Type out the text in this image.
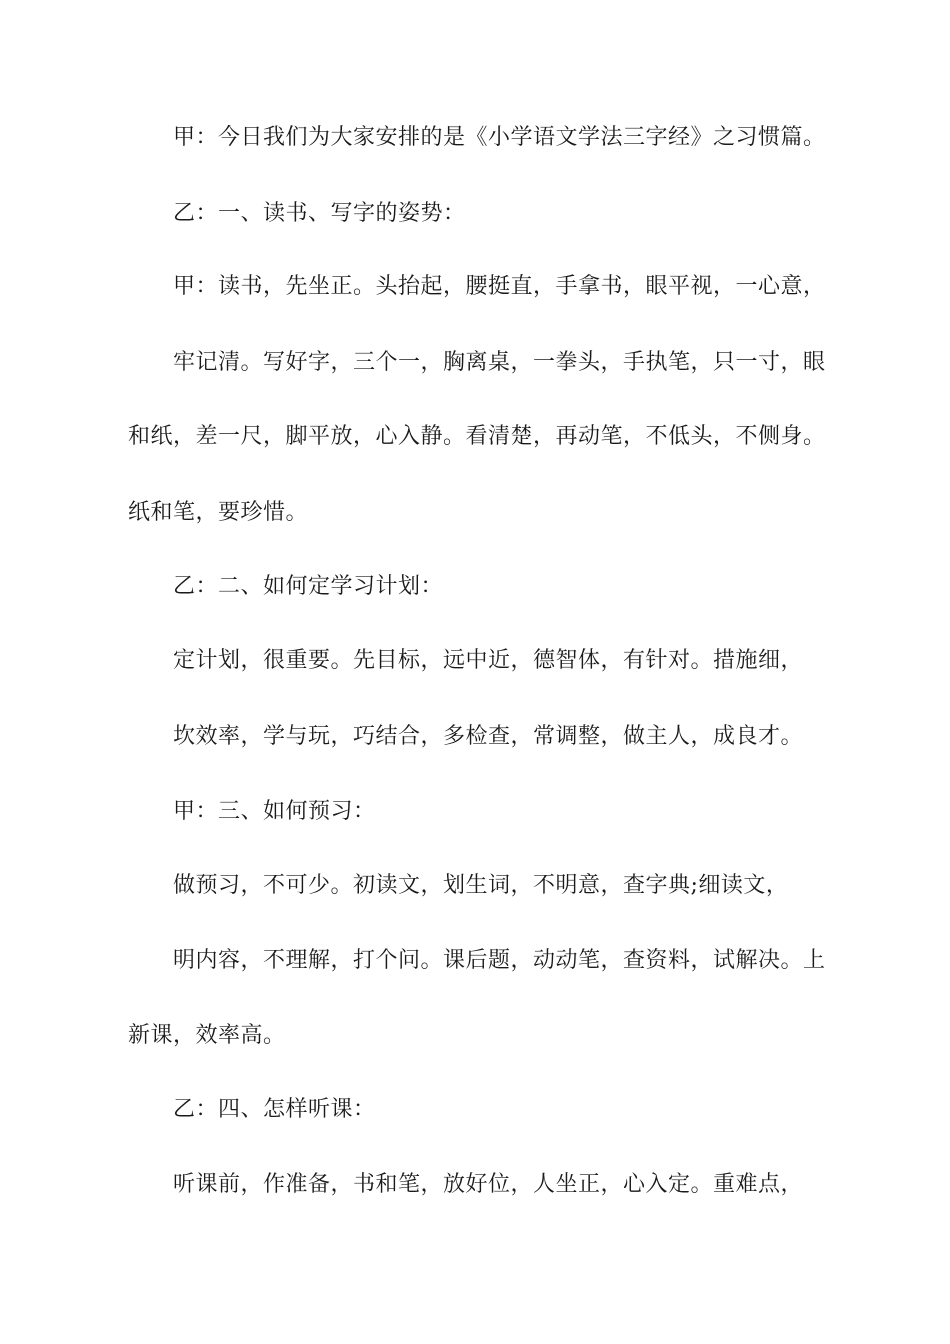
甲：今日我们为大家安排的是《小学语文学法三字经》之习惯篇。
乙：一、读书、写字的姿势：
甲：读书，先坐正。头抬起，腰挺直，手拿书，眼平视，一心意，
牢记清。写好字，三个一，胸离桌，一拳头，手执笔，只一寸，眼
和纸，差一尺，脚平放，心入静。看清楚，再动笔，不低头，不侧身。
纸和笔，要珍惜。
乙：二、如何定学习计划：
定计划，很重要。先目标，远中近，德智体，有针对。措施细，
坎效率，学与玩，巧结合，多检查，常调整，做主人，成良才。
甲：三、如何预习：
做预习，不可少。初读文，划生词，不明意，查字典;细读文，
明内容，不理解，打个问。课后题，动动笔，查资料，试解决。上
新课，效率高。
乙：四、怎样听课：
听课前，作准备，书和笔，放好位，人坐正，心入定。重难点，
